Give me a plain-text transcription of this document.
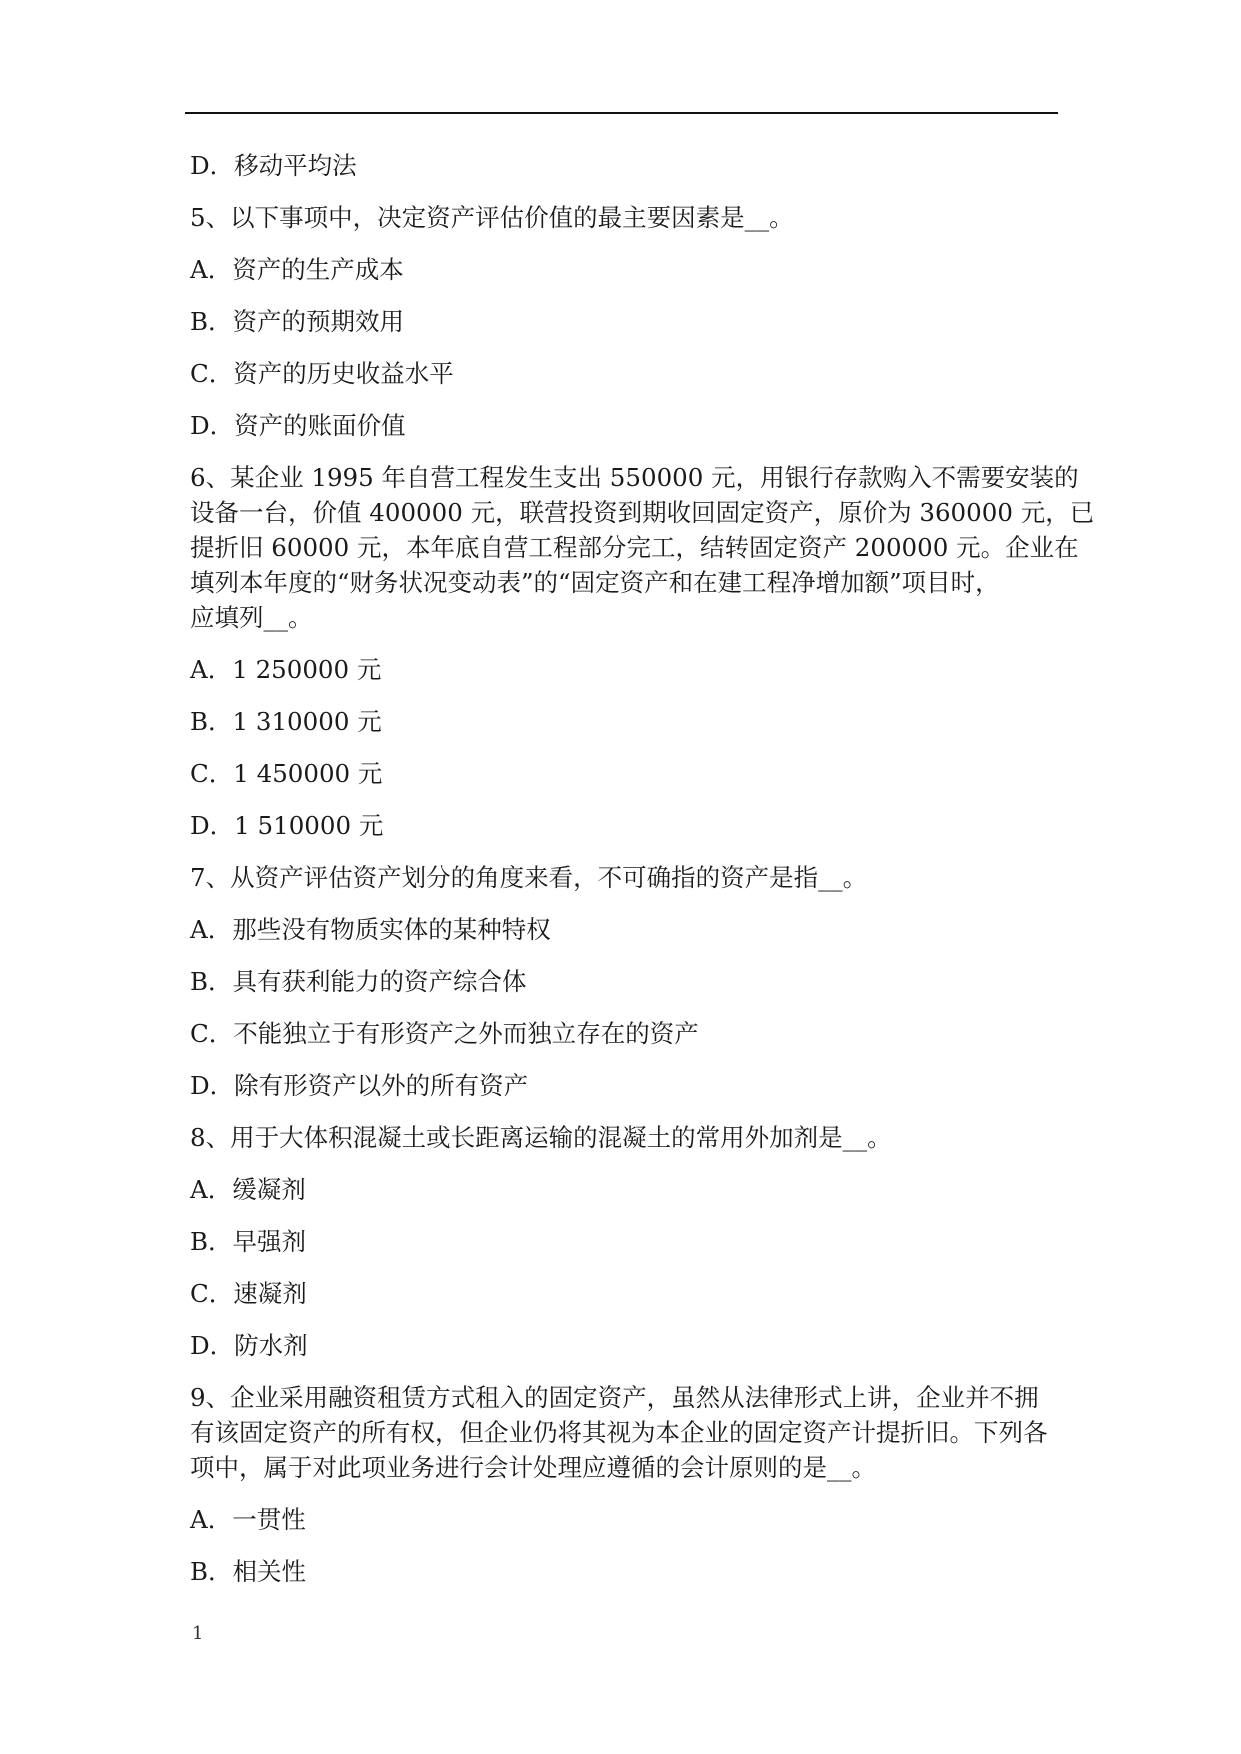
D．移动平均法
5、以下事项中，决定资产评估价值的最主要因素是__。
A．资产的生产成本
B．资产的预期效用
C．资产的历史收益水平
D．资产的账面价值
6、某企业 1995 年自营工程发生支出 550000 元，用银行存款购入不需要安装的
设备一台，价值 400000 元，联营投资到期收回固定资产，原价为 360000 元，已
提折旧 60000 元，本年底自营工程部分完工，结转固定资产 200000 元。企业在
填列本年度的“财务状况变动表”的“固定资产和在建工程净增加额”项目时，
应填列__。
A．1 250000 元
B．1 310000 元
C．1 450000 元
D．1 510000 元
7、从资产评估资产划分的角度来看，不可确指的资产是指__。
A．那些没有物质实体的某种特权
B．具有获利能力的资产综合体
C．不能独立于有形资产之外而独立存在的资产
D．除有形资产以外的所有资产
8、用于大体积混凝土或长距离运输的混凝土的常用外加剂是__。
A．缓凝剂
B．早强剂
C．速凝剂
D．防水剂
9、企业采用融资租赁方式租入的固定资产，虽然从法律形式上讲，企业并不拥
有该固定资产的所有权，但企业仍将其视为本企业的固定资产计提折旧。下列各
项中，属于对此项业务进行会计处理应遵循的会计原则的是__。
A．一贯性
B．相关性
1
